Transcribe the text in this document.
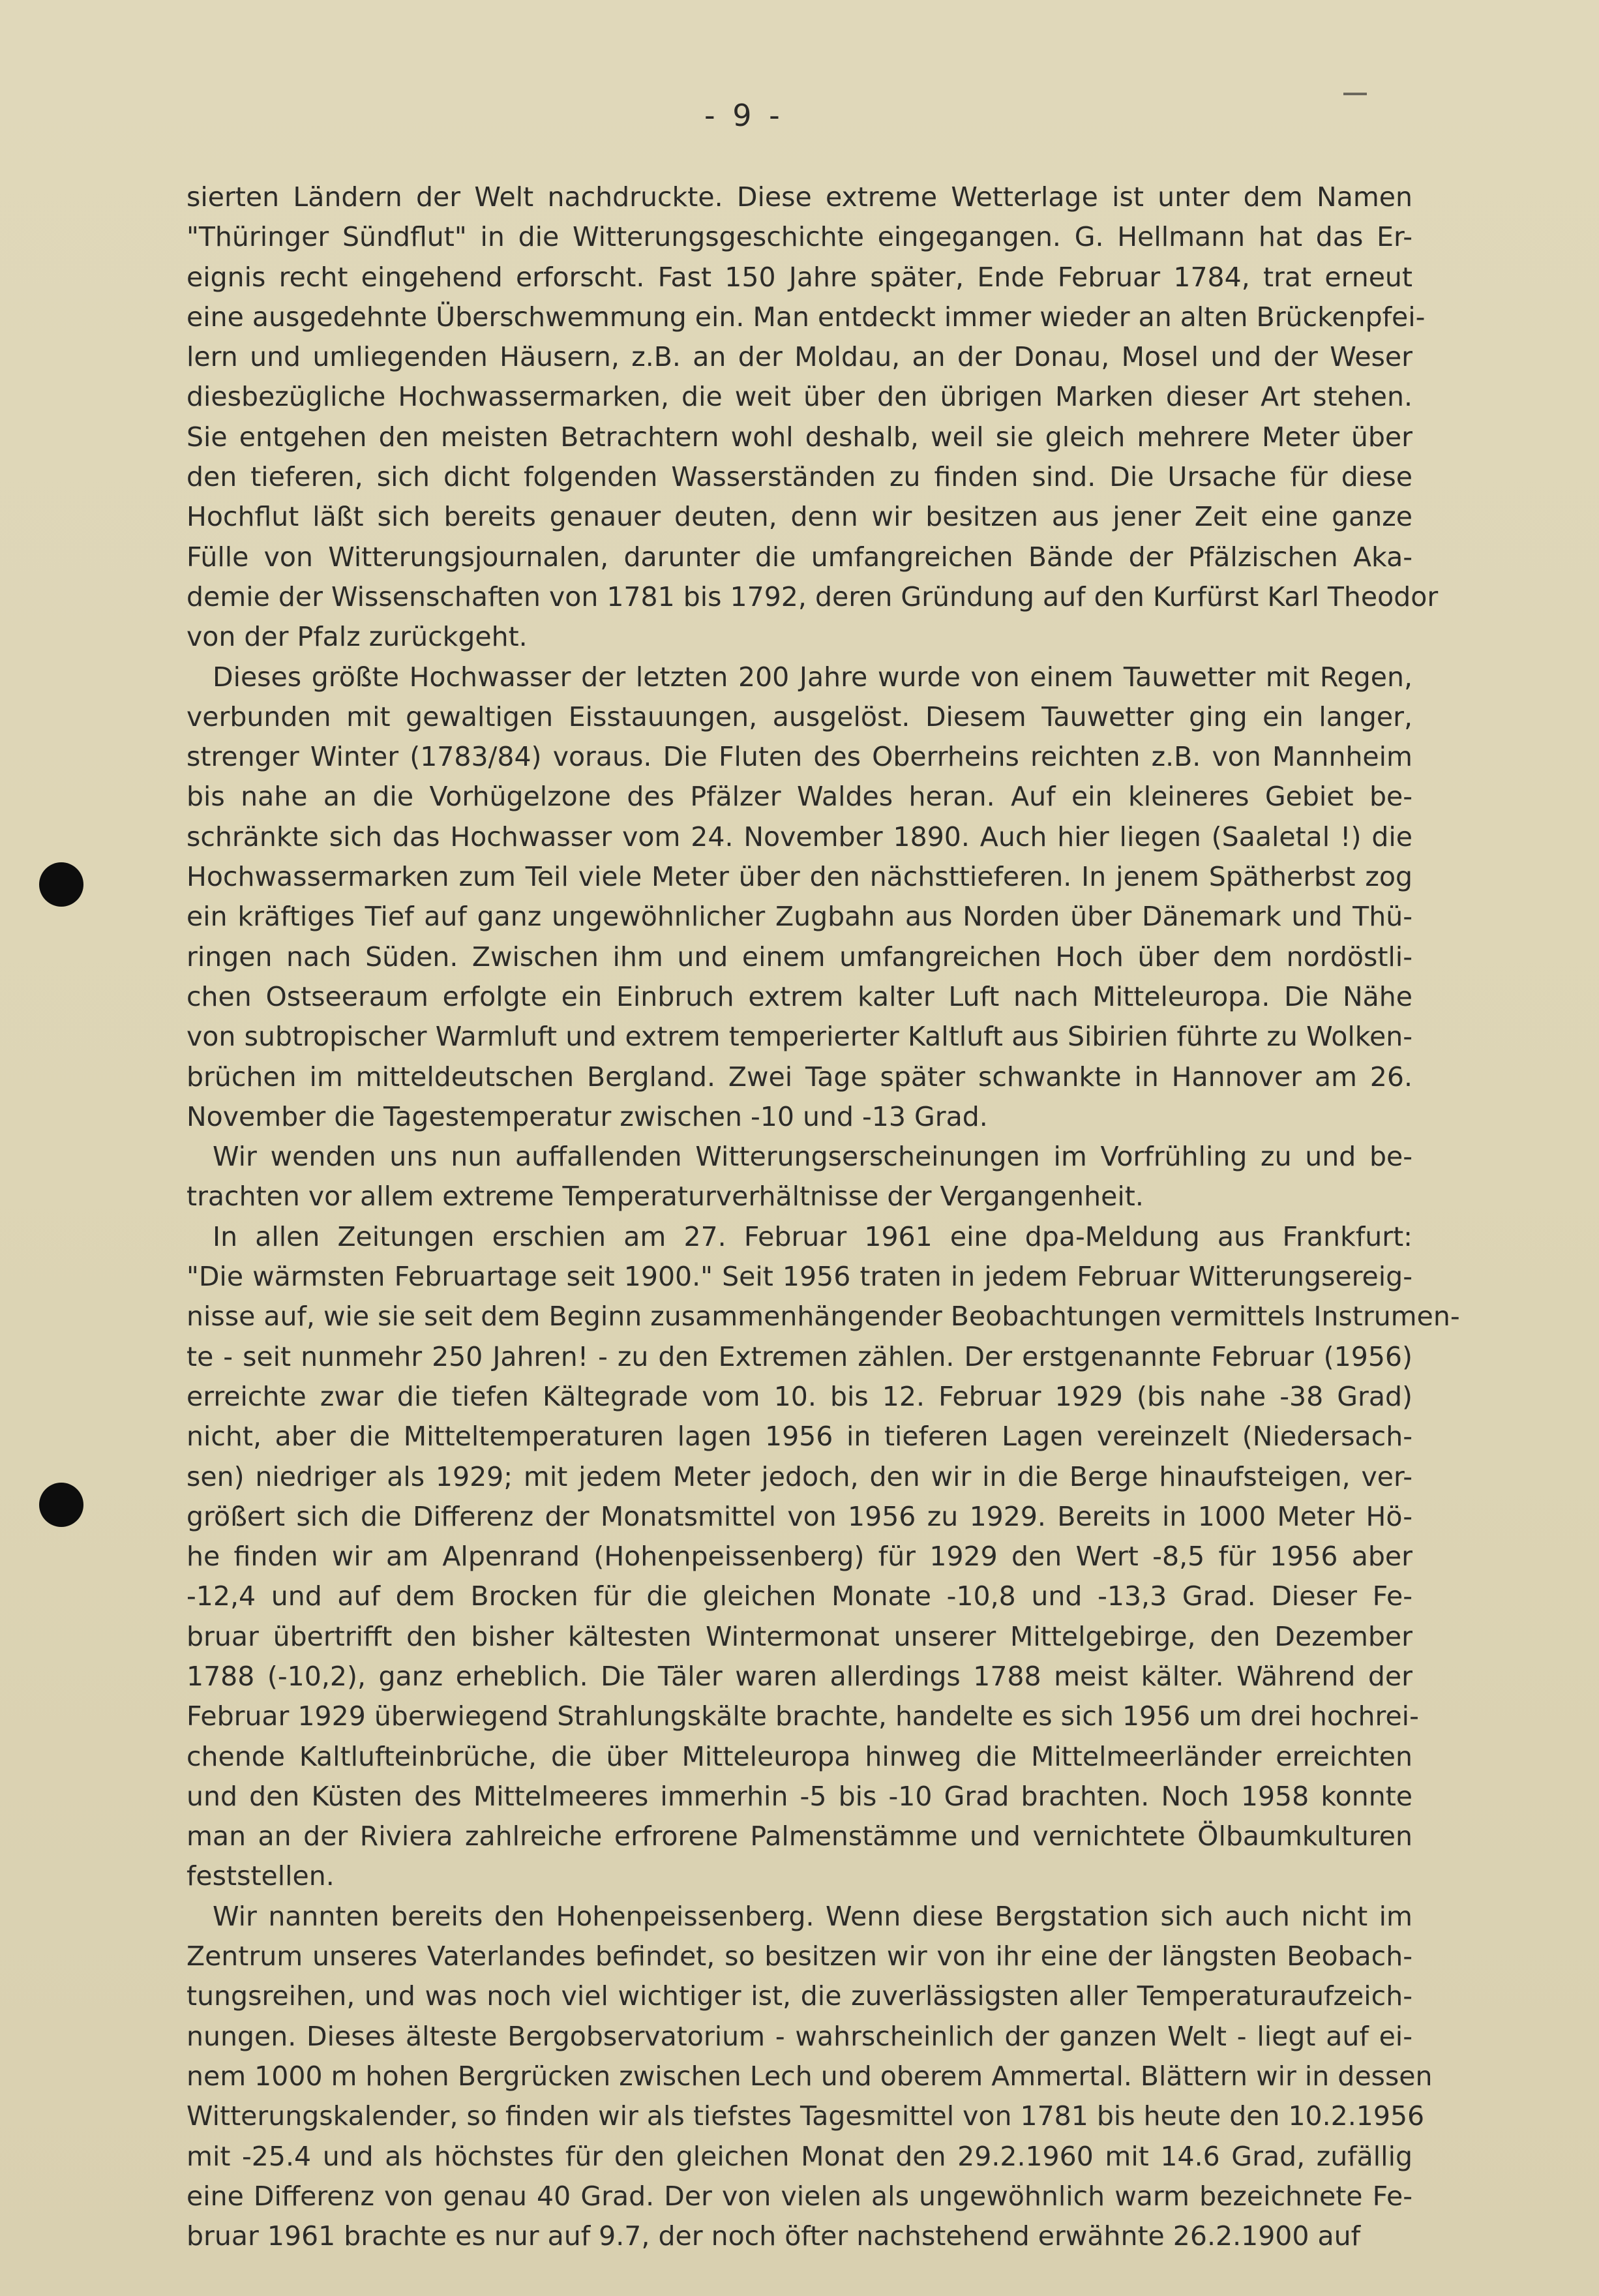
- 9 -
sierten Ländern der Welt nachdruckte. Diese extreme Wetterlage ist unter dem Namen
"Thüringer Sündflut" in die Witterungsgeschichte eingegangen. G. Hellmann hat das Er-
eignis recht eingehend erforscht. Fast 150 Jahre später, Ende Februar 1784, trat erneut
eine ausgedehnte Überschwemmung ein. Man entdeckt immer wieder an alten Brückenpfei-
lern und umliegenden Häusern, z.B. an der Moldau, an der Donau, Mosel und der Weser
diesbezügliche Hochwassermarken, die weit über den übrigen Marken dieser Art stehen.
Sie entgehen den meisten Betrachtern wohl deshalb, weil sie gleich mehrere Meter über
den tieferen, sich dicht folgenden Wasserständen zu finden sind. Die Ursache für diese
Hochflut läßt sich bereits genauer deuten, denn wir besitzen aus jener Zeit eine ganze
Fülle von Witterungsjournalen, darunter die umfangreichen Bände der Pfälzischen Aka-
demie der Wissenschaften von 1781 bis 1792, deren Gründung auf den Kurfürst Karl Theodor
von der Pfalz zurückgeht.
Dieses größte Hochwasser der letzten 200 Jahre wurde von einem Tauwetter mit Regen,
verbunden mit gewaltigen Eisstauungen, ausgelöst. Diesem Tauwetter ging ein langer,
strenger Winter (1783/84) voraus. Die Fluten des Oberrheins reichten z.B. von Mannheim
bis nahe an die Vorhügelzone des Pfälzer Waldes heran. Auf ein kleineres Gebiet be-
schränkte sich das Hochwasser vom 24. November 1890. Auch hier liegen (Saaletal !) die
Hochwassermarken zum Teil viele Meter über den nächsttieferen. In jenem Spätherbst zog
ein kräftiges Tief auf ganz ungewöhnlicher Zugbahn aus Norden über Dänemark und Thü-
ringen nach Süden. Zwischen ihm und einem umfangreichen Hoch über dem nordöstli-
chen Ostseeraum erfolgte ein Einbruch extrem kalter Luft nach Mitteleuropa. Die Nähe
von subtropischer Warmluft und extrem temperierter Kaltluft aus Sibirien führte zu Wolken-
brüchen im mitteldeutschen Bergland. Zwei Tage später schwankte in Hannover am 26.
November die Tagestemperatur zwischen -10 und -13 Grad.
Wir wenden uns nun auffallenden Witterungserscheinungen im Vorfrühling zu und be-
trachten vor allem extreme Temperaturverhältnisse der Vergangenheit.
In allen Zeitungen erschien am 27. Februar 1961 eine dpa-Meldung aus Frankfurt:
"Die wärmsten Februartage seit 1900." Seit 1956 traten in jedem Februar Witterungsereig-
nisse auf, wie sie seit dem Beginn zusammenhängender Beobachtungen vermittels Instrumen-
te - seit nunmehr 250 Jahren! - zu den Extremen zählen. Der erstgenannte Februar (1956)
erreichte zwar die tiefen Kältegrade vom 10. bis 12. Februar 1929 (bis nahe -38 Grad)
nicht, aber die Mitteltemperaturen lagen 1956 in tieferen Lagen vereinzelt (Niedersach-
sen) niedriger als 1929; mit jedem Meter jedoch, den wir in die Berge hinaufsteigen, ver-
größert sich die Differenz der Monatsmittel von 1956 zu 1929. Bereits in 1000 Meter Hö-
he finden wir am Alpenrand (Hohenpeissenberg) für 1929 den Wert -8,5 für 1956 aber
-12,4 und auf dem Brocken für die gleichen Monate -10,8 und -13,3 Grad. Dieser Fe-
bruar übertrifft den bisher kältesten Wintermonat unserer Mittelgebirge, den Dezember
1788 (-10,2), ganz erheblich. Die Täler waren allerdings 1788 meist kälter. Während der
Februar 1929 überwiegend Strahlungskälte brachte, handelte es sich 1956 um drei hochrei-
chende Kaltlufteinbrüche, die über Mitteleuropa hinweg die Mittelmeerländer erreichten
und den Küsten des Mittelmeeres immerhin -5 bis -10 Grad brachten. Noch 1958 konnte
man an der Riviera zahlreiche erfrorene Palmenstämme und vernichtete Ölbaumkulturen
feststellen.
Wir nannten bereits den Hohenpeissenberg. Wenn diese Bergstation sich auch nicht im
Zentrum unseres Vaterlandes befindet, so besitzen wir von ihr eine der längsten Beobach-
tungsreihen, und was noch viel wichtiger ist, die zuverlässigsten aller Temperaturaufzeich-
nungen. Dieses älteste Bergobservatorium - wahrscheinlich der ganzen Welt - liegt auf ei-
nem 1000 m hohen Bergrücken zwischen Lech und oberem Ammertal. Blättern wir in dessen
Witterungskalender, so finden wir als tiefstes Tagesmittel von 1781 bis heute den 10.2.1956
mit -25.4 und als höchstes für den gleichen Monat den 29.2.1960 mit 14.6 Grad, zufällig
eine Differenz von genau 40 Grad. Der von vielen als ungewöhnlich warm bezeichnete Fe-
bruar 1961 brachte es nur auf 9.7, der noch öfter nachstehend erwähnte 26.2.1900 auf
